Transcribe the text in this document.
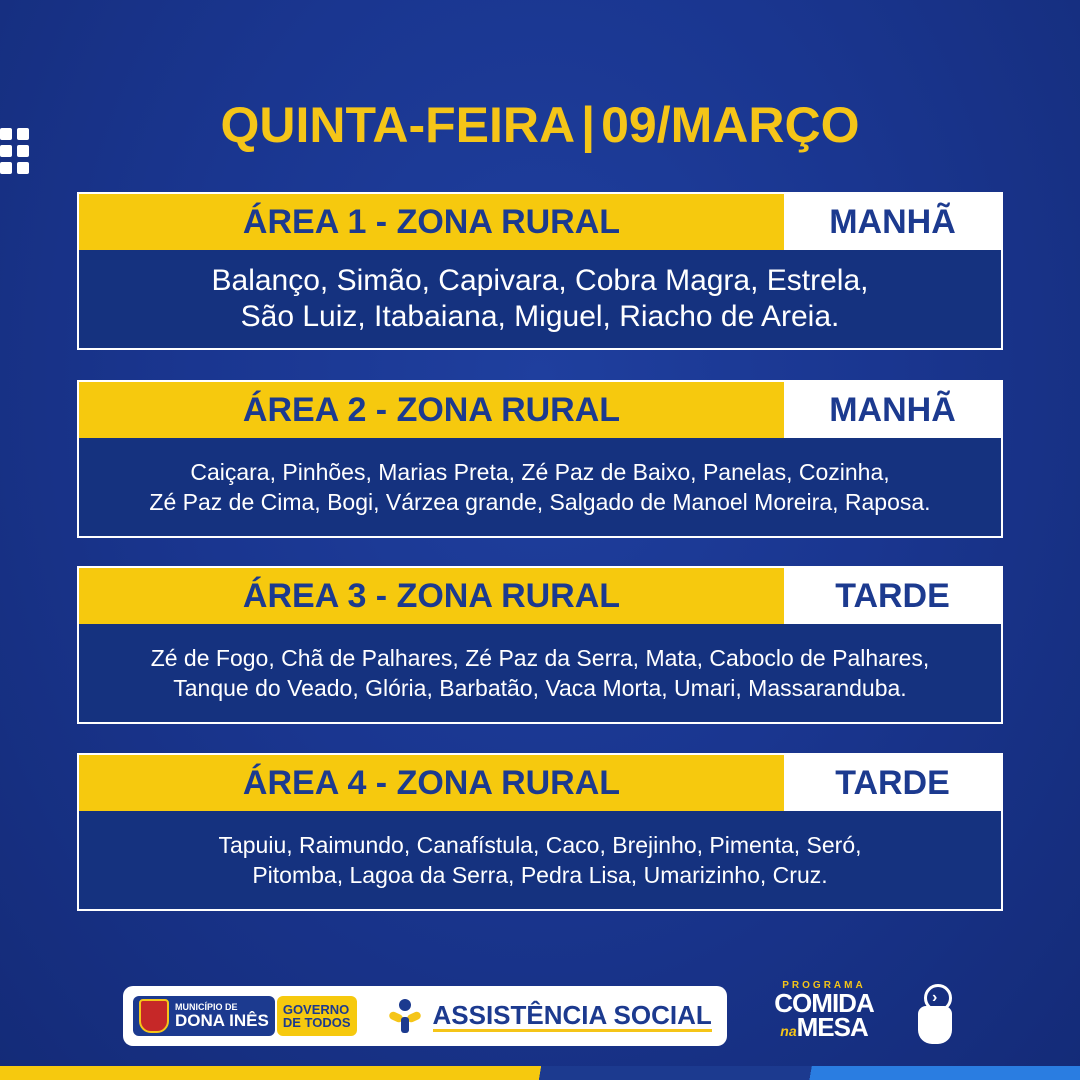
QUINTA-FEIRA | 09/MARÇO
ÁREA 1 - ZONA RURAL	MANHÃ

Balanço, Simão, Capivara, Cobra Magra, Estrela,
São Luiz, Itabaiana, Miguel, Riacho de Areia.

ÁREA 2 - ZONA RURAL	MANHÃ

Caiçara, Pinhões, Marias Preta, Zé Paz de Baixo, Panelas, Cozinha,
Zé Paz de Cima, Bogi, Várzea grande, Salgado de Manoel Moreira, Raposa.

ÁREA 3 - ZONA RURAL	TARDE

Zé de Fogo, Chã de Palhares, Zé Paz da Serra, Mata, Caboclo de Palhares,
Tanque do Veado, Glória, Barbatão, Vaca Morta, Umari, Massaranduba.

ÁREA 4 - ZONA RURAL	TARDE

Tapuiu, Raimundo, Canafístula, Caco, Brejinho, Pimenta, Seró,
Pitomba, Lagoa da Serra, Pedra Lisa, Umarizinho, Cruz.

MUNICÍPIO DE
DONA INÊS
GOVERNO
DE TODOS	ASSISTÊNCIA SOCIAL
PROGRAMA
COMIDA
naMESA
›
